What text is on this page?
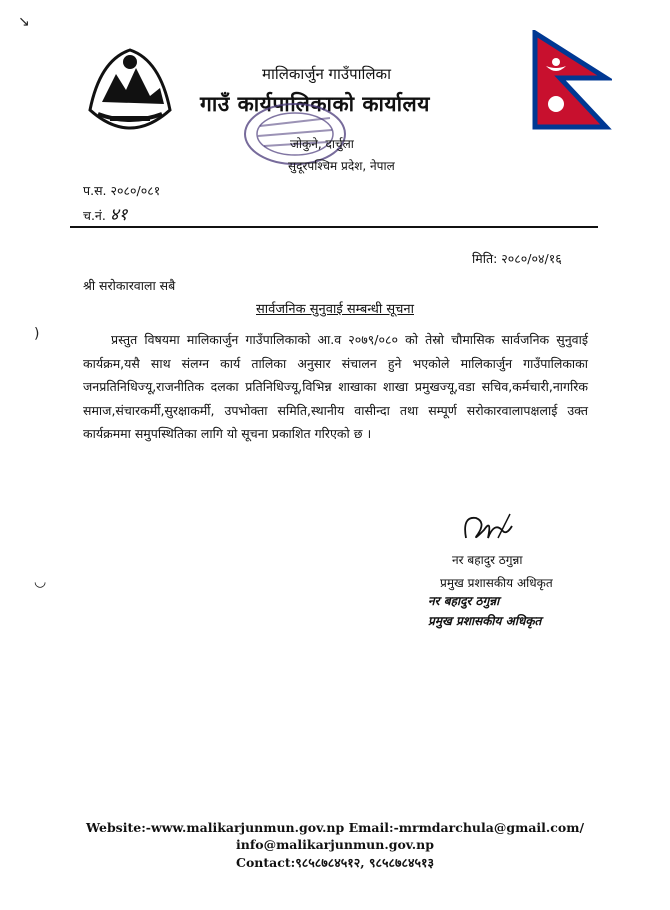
↘
)
◡
मालिकार्जुन गाउँपालिका
गाउँ कार्यपालिकाको कार्यालय
जोकुने, दार्चुला
सुदूरपश्चिम प्रदेश, नेपाल
प.स. २०८०/०८१
च.नं. ४१
मिति: २०८०/०४/१६
श्री सरोकारवाला सबै
सार्वजनिक सुनुवाई सम्बन्धी सूचना
प्रस्तुत विषयमा मालिकार्जुन गाउँपालिकाको आ.व २०७९/०८० को तेस्रो चौमासिक सार्वजनिक सुनुवाई कार्यक्रम,यसै साथ संलग्न कार्य तालिका अनुसार संचालन हुने भएकोले मालिकार्जुन गाउँपालिकाका जनप्रतिनिधिज्यू,राजनीतिक दलका प्रतिनिधिज्यू,विभिन्न शाखाका शाखा प्रमुखज्यू,वडा सचिव,कर्मचारी,नागरिक समाज,संचारकर्मी,सुरक्षाकर्मी, उपभोक्ता समिति,स्थानीय वासीन्दा तथा सम्पूर्ण सरोकारवालापक्षलाई उक्त कार्यक्रममा समुपस्थितिका लागि यो सूचना प्रकाशित गरिएको छ ।
नर बहादुर ठगुन्ना
प्रमुख प्रशासकीय अधिकृत
नर बहादुर ठगुन्ना
प्रमुख प्रशासकीय अधिकृत
Website:-www.malikarjunmun.gov.np Email:-mrmdarchula@gmail.com/
info@malikarjunmun.gov.np
Contact:९८५८७८४५१२, ९८५८७८४५१३
